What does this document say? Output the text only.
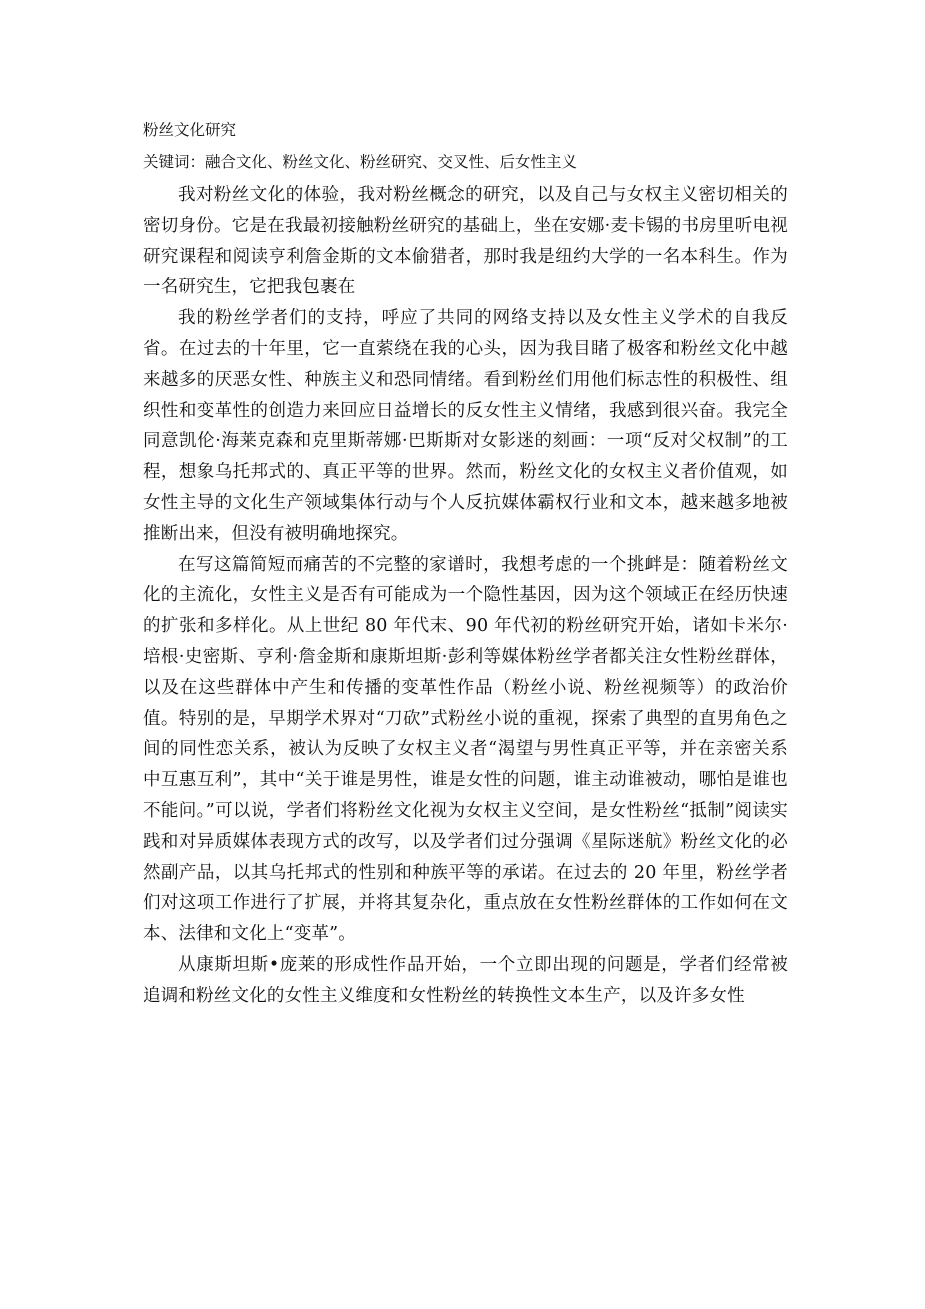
粉丝文化研究

关键词：融合文化、粉丝文化、粉丝研究、交叉性、后女性主义

我对粉丝文化的体验，我对粉丝概念的研究，以及自己与女权主义密切相关的密切身份。它是在我最初接触粉丝研究的基础上，坐在安娜·麦卡锡的书房里听电视研究课程和阅读亨利詹金斯的文本偷猎者，那时我是纽约大学的一名本科生。作为一名研究生，它把我包裹在

我的粉丝学者们的支持，呼应了共同的网络支持以及女性主义学术的自我反省。在过去的十年里，它一直萦绕在我的心头，因为我目睹了极客和粉丝文化中越来越多的厌恶女性、种族主义和恐同情绪。看到粉丝们用他们标志性的积极性、组织性和变革性的创造力来回应日益增长的反女性主义情绪，我感到很兴奋。我完全同意凯伦·海莱克森和克里斯蒂娜·巴斯斯对女影迷的刻画：一项“反对父权制”的工程，想象乌托邦式的、真正平等的世界。然而，粉丝文化的女权主义者价值观，如女性主导的文化生产领域集体行动与个人反抗媒体霸权行业和文本，越来越多地被推断出来，但没有被明确地探究。

在写这篇简短而痛苦的不完整的家谱时，我想考虑的一个挑衅是：随着粉丝文化的主流化，女性主义是否有可能成为一个隐性基因，因为这个领域正在经历快速的扩张和多样化。从上世纪 80 年代末、90 年代初的粉丝研究开始，诸如卡米尔·培根·史密斯、亨利·詹金斯和康斯坦斯·彭利等媒体粉丝学者都关注女性粉丝群体，以及在这些群体中产生和传播的变革性作品（粉丝小说、粉丝视频等）的政治价值。特别的是，早期学术界对“刀砍”式粉丝小说的重视，探索了典型的直男角色之间的同性恋关系，被认为反映了女权主义者“渴望与男性真正平等，并在亲密关系中互惠互利”，其中“关于谁是男性，谁是女性的问题，谁主动谁被动，哪怕是谁也不能问。”可以说，学者们将粉丝文化视为女权主义空间，是女性粉丝“抵制”阅读实践和对异质媒体表现方式的改写，以及学者们过分强调《星际迷航》粉丝文化的必然副产品，以其乌托邦式的性别和种族平等的承诺。在过去的 20 年里，粉丝学者们对这项工作进行了扩展，并将其复杂化，重点放在女性粉丝群体的工作如何在文本、法律和文化上“变革”。

从康斯坦斯•庞莱的形成性作品开始，一个立即出现的问题是，学者们经常被追调和粉丝文化的女性主义维度和女性粉丝的转换性文本生产，以及许多女性
